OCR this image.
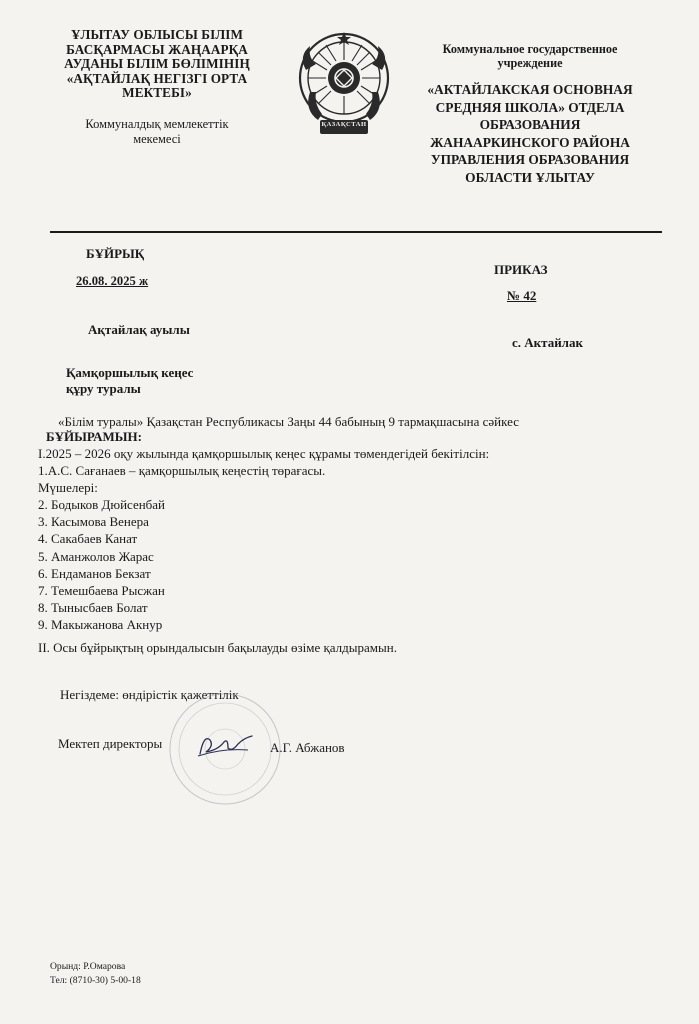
ҰЛЫТАУ ОБЛЫСЫ БІЛІМ
БАСҚАРМАСЫ ЖАҢААРҚА
АУДАНЫ БІЛІМ БӨЛІМІНІҢ
«АҚТАЙЛАҚ НЕГІЗГІ ОРТА
МЕКТЕБІ»
Коммуналдық мемлекеттік
мекемесі
ҚАЗАҚСТАН
Коммунальное государственное
учреждение
«АКТАЙЛАКСКАЯ ОСНОВНАЯ
СРЕДНЯЯ ШКОЛА» ОТДЕЛА
ОБРАЗОВАНИЯ
ЖАНААРКИНСКОГО РАЙОНА
УПРАВЛЕНИЯ ОБРАЗОВАНИЯ
ОБЛАСТИ ҰЛЫТАУ
БҰЙРЫҚ
26.08. 2025 ж
ПРИКАЗ
№ 42
Ақтайлақ ауылы
с. Актайлак
Қамқоршылық кеңес
құру туралы
«Білім туралы» Қазақстан Республикасы Заңы 44 бабының 9 тармақшасына сәйкес
БҰЙЫРАМЫН:
І.2025 – 2026 оқу жылында қамқоршылық кеңес құрамы төмендегідей бекітілсін:
1.А.С. Сағанаев – қамқоршылық кеңестің төрағасы.
Мүшелері:
2. Бодыков Дюйсенбай
3. Касымова Венера
4. Сакабаев Канат
5. Аманжолов Жарас
6. Ендаманов Бекзат
7. Темешбаева Рысжан
8. Тынысбаев Болат
9. Макыжанова Акнур
ІІ. Осы бұйрықтың орындалысын бақылауды өзіме қалдырамын.
Негіздеме: өндірістік қажеттілік
Мектеп директоры	А.Г. Абжанов
Орынд: Р.Омарова
Тел: (8710-30) 5-00-18
